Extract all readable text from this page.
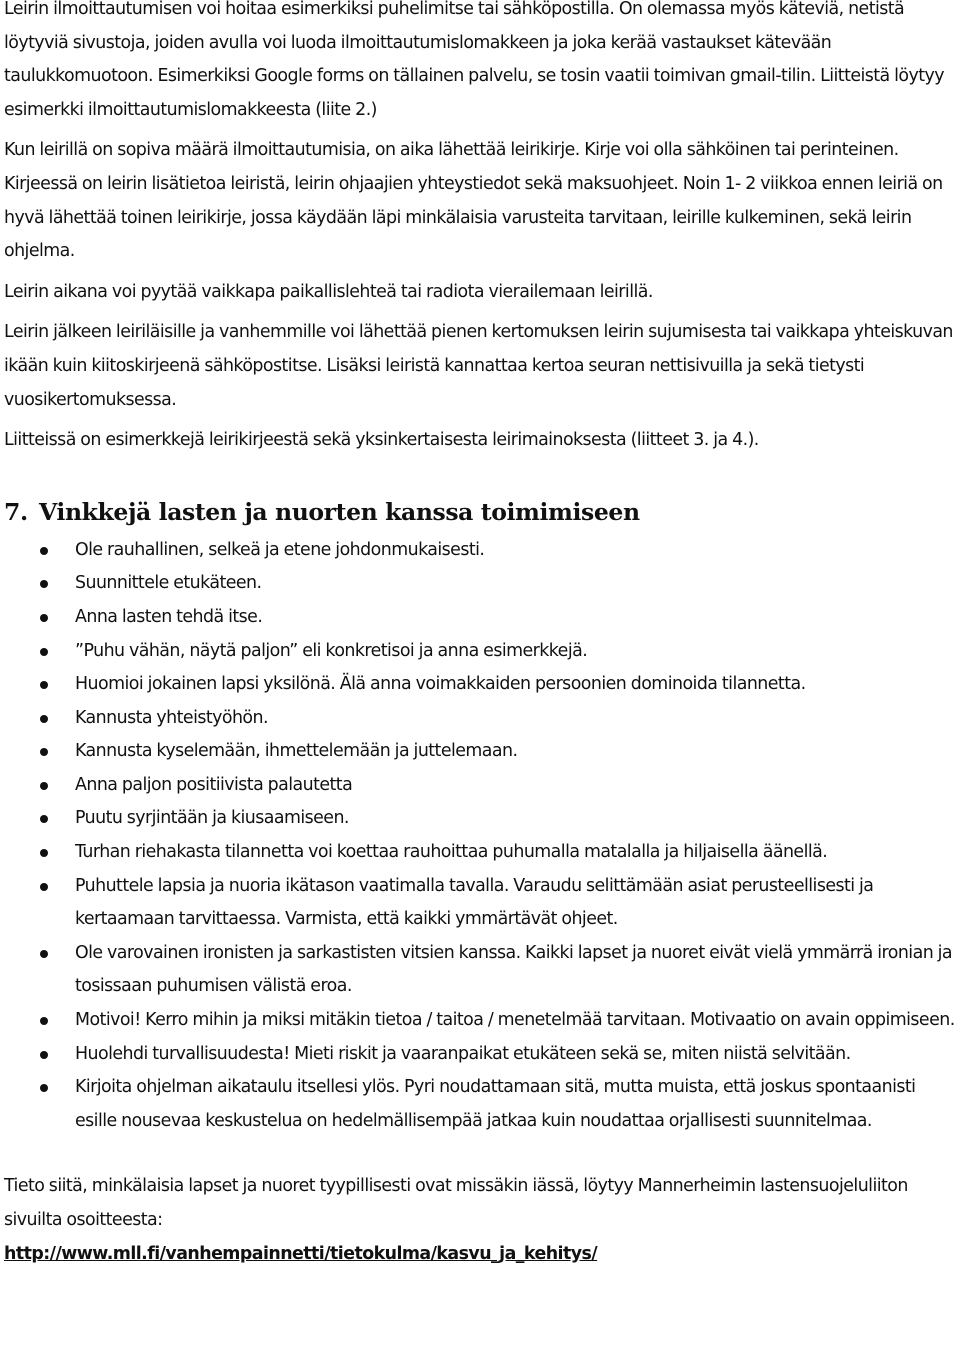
Leirin ilmoittautumisen voi hoitaa esimerkiksi puhelimitse tai sähköpostilla. On olemassa myös käteviä, netistä löytyviä sivustoja, joiden avulla voi luoda ilmoittautumislomakkeen ja joka kerää vastaukset kätevään taulukkomuotoon. Esimerkiksi Google forms on tällainen palvelu, se tosin vaatii toimivan gmail-tilin. Liitteistä löytyy esimerkki ilmoittautumislomakkeesta (liite 2.)

Kun leirillä on sopiva määrä ilmoittautumisia, on aika lähettää leirikirje. Kirje voi olla sähköinen tai perinteinen. Kirjeessä on leirin lisätietoa leiristä, leirin ohjaajien yhteystiedot sekä maksuohjeet. Noin 1- 2 viikkoa ennen leiriä on hyvä lähettää toinen leirikirje, jossa käydään läpi minkälaisia varusteita tarvitaan, leirille kulkeminen, sekä leirin ohjelma.

Leirin aikana voi pyytää vaikkapa paikallislehteä tai radiota vierailemaan leirillä.

Leirin jälkeen leiriläisille ja vanhemmille voi lähettää pienen kertomuksen leirin sujumisesta tai vaikkapa yhteiskuvan ikään kuin kiitoskirjeenä sähköpostitse. Lisäksi leiristä kannattaa kertoa seuran nettisivuilla ja sekä tietysti vuosikertomuksessa.

Liitteissä on esimerkkejä leirikirjeestä sekä yksinkertaisesta leirimainoksesta (liitteet 3. ja 4.).

7. Vinkkejä lasten ja nuorten kanssa toimimiseen
Ole rauhallinen, selkeä ja etene johdonmukaisesti.
Suunnittele etukäteen.
Anna lasten tehdä itse.
”Puhu vähän, näytä paljon” eli konkretisoi ja anna esimerkkejä.
Huomioi jokainen lapsi yksilönä. Älä anna voimakkaiden persoonien dominoida tilannetta.
Kannusta yhteistyöhön.
Kannusta kyselemään, ihmettelemään ja juttelemaan.
Anna paljon positiivista palautetta
Puutu syrjintään ja kiusaamiseen.
Turhan riehakasta tilannetta voi koettaa rauhoittaa puhumalla matalalla ja hiljaisella äänellä.
Puhuttele lapsia ja nuoria ikätason vaatimalla tavalla. Varaudu selittämään asiat perusteellisesti ja kertaamaan tarvittaessa. Varmista, että kaikki ymmärtävät ohjeet.
Ole varovainen ironisten ja sarkastisten vitsien kanssa. Kaikki lapset ja nuoret eivät vielä ymmärrä ironian ja tosissaan puhumisen välistä eroa.
Motivoi! Kerro mihin ja miksi mitäkin tietoa / taitoa / menetelmää tarvitaan. Motivaatio on avain oppimiseen.
Huolehdi turvallisuudesta! Mieti riskit ja vaaranpaikat etukäteen sekä se, miten niistä selvitään.
Kirjoita ohjelman aikataulu itsellesi ylös. Pyri noudattamaan sitä, mutta muista, että joskus spontaanisti esille nousevaa keskustelua on hedelmällisempää jatkaa kuin noudattaa orjallisesti suunnitelmaa.

Tieto siitä, minkälaisia lapset ja nuoret tyypillisesti ovat missäkin iässä, löytyy Mannerheimin lastensuojeluliiton sivuilta osoitteesta:

http://www.mll.fi/vanhempainnetti/tietokulma/kasvu_ja_kehitys/
